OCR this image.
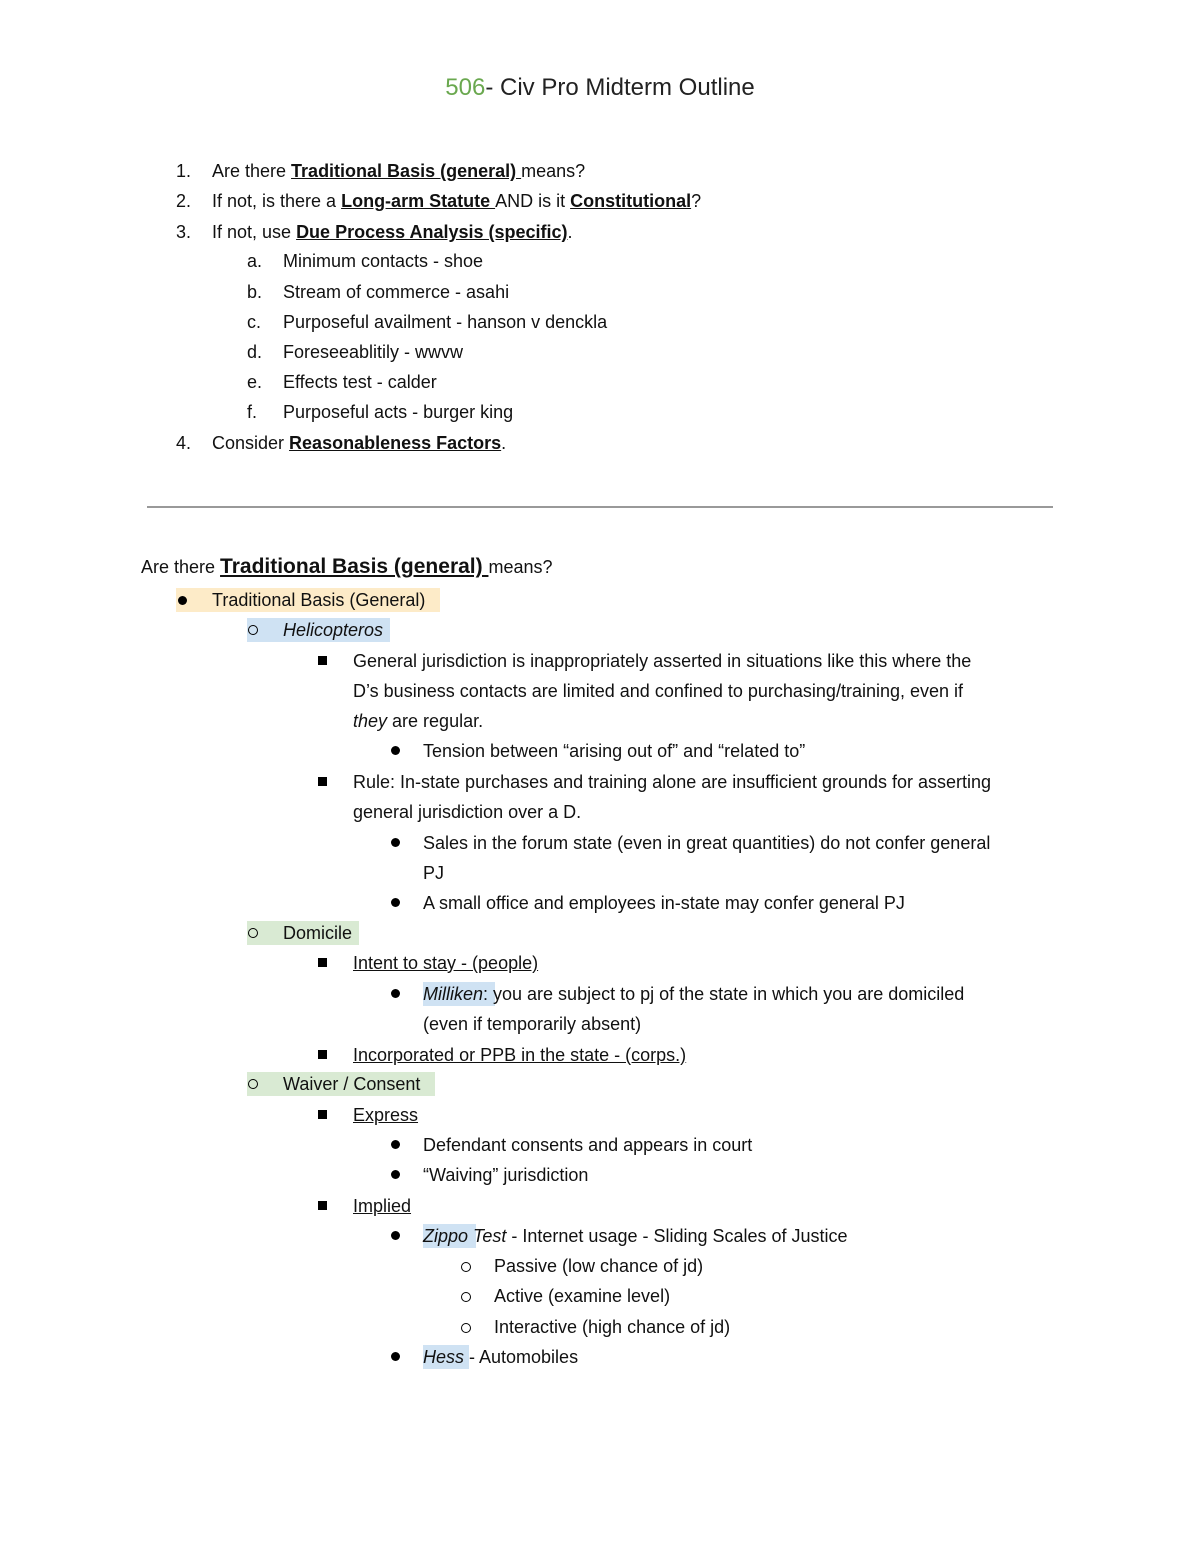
506- Civ Pro Midterm Outline
1. Are there Traditional Basis (general) means?
2. If not, is there a Long-arm Statute AND is it Constitutional?
3. If not, use Due Process Analysis (specific).
a. Minimum contacts - shoe
b. Stream of commerce - asahi
c. Purposeful availment - hanson v denckla
d. Foreseeablitily - wwvw
e. Effects test - calder
f. Purposeful acts - burger king
4. Consider Reasonableness Factors.
Are there Traditional Basis (general) means?
Traditional Basis (General)
Helicopteros
General jurisdiction is inappropriately asserted in situations like this where the
D’s business contacts are limited and confined to purchasing/training, even if
they are regular.
Tension between “arising out of” and “related to”
Rule: In-state purchases and training alone are insufficient grounds for asserting
general jurisdiction over a D.
Sales in the forum state (even in great quantities) do not confer general
PJ
A small office and employees in-state may confer general PJ
Domicile
Intent to stay - (people)
Milliken: you are subject to pj of the state in which you are domiciled
(even if temporarily absent)
Incorporated or PPB in the state - (corps.)
Waiver / Consent
Express
Defendant consents and appears in court
“Waiving” jurisdiction
Implied
Zippo Test - Internet usage - Sliding Scales of Justice
Passive (low chance of jd)
Active (examine level)
Interactive (high chance of jd)
Hess - Automobiles
